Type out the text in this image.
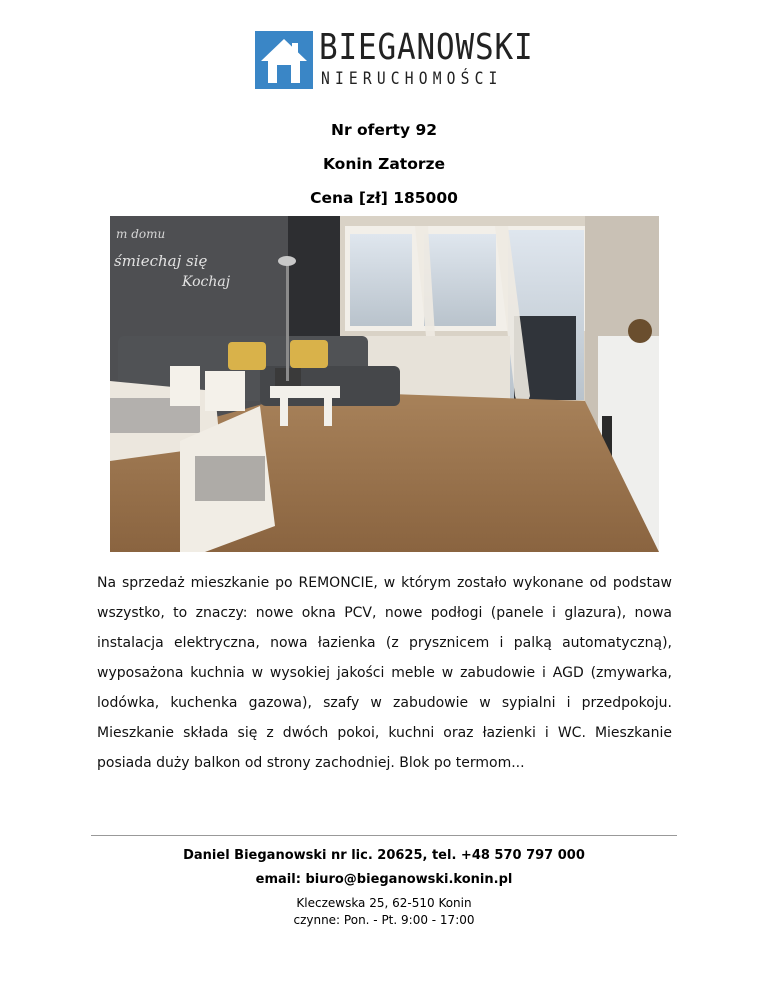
BIEGANOWSKI
NIERUCHOMOŚCI
Nr oferty 92
Konin Zatorze
Cena [zł] 185000
m domu
śmiechaj się
Kochaj
Na sprzedaż mieszkanie po REMONCIE, w którym zostało wykonane od podstaw wszystko, to znaczy: nowe okna PCV, nowe podłogi (panele i glazura), nowa instalacja elektryczna, nowa łazienka (z prysznicem i palką automatyczną), wyposażona kuchnia w wysokiej jakości meble w zabudowie i AGD (zmywarka, lodówka, kuchenka gazowa), szafy w zabudowie w sypialni i przedpokoju. Mieszkanie składa się z dwóch pokoi, kuchni oraz łazienki i WC. Mieszkanie posiada duży balkon od strony zachodniej. Blok po termom...
Daniel Bieganowski nr lic. 20625, tel. +48 570 797 000
email: biuro@bieganowski.konin.pl
Kleczewska 25, 62-510 Konin
czynne: Pon. - Pt. 9:00 - 17:00
